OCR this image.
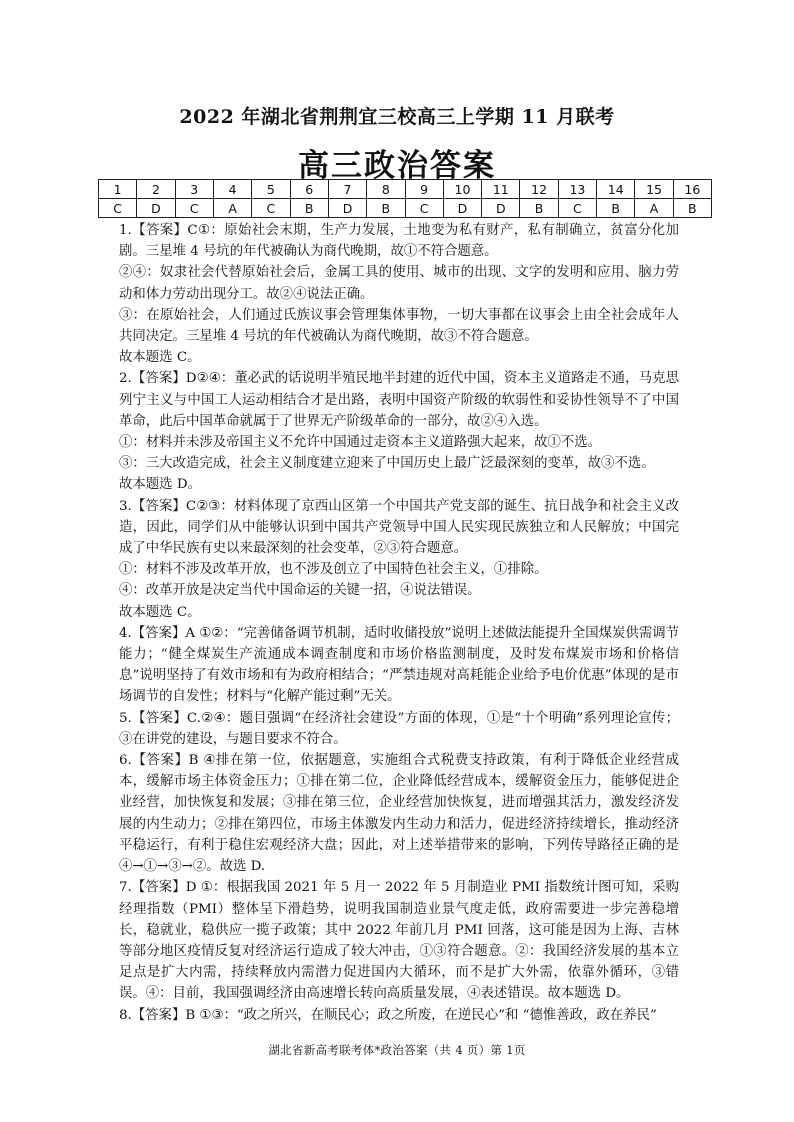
2022 年湖北省荆荆宜三校高三上学期 11 月联考
高三政治答案
1	2	3	4	5	6	7	8	9	10	11	12	13	14	15	16
C	D	C	A	C	B	D	B	C	D	D	B	C	B	A	B

1.【答案】C①：原始社会末期，生产力发展，土地变为私有财产，私有制确立，贫富分化加剧。三星堆 4 号坑的年代被确认为商代晚期，故①不符合题意。

②④：奴隶社会代替原始社会后，金属工具的使用、城市的出现、文字的发明和应用、脑力劳动和体力劳动出现分工。故②④说法正确。

③：在原始社会，人们通过氏族议事会管理集体事物，一切大事都在议事会上由全社会成年人共同决定。三星堆 4 号坑的年代被确认为商代晚期，故③不符合题意。

故本题选 C。

2.【答案】D②④：董必武的话说明半殖民地半封建的近代中国，资本主义道路走不通，马克思列宁主义与中国工人运动相结合才是出路，表明中国资产阶级的软弱性和妥协性领导不了中国革命，此后中国革命就属于了世界无产阶级革命的一部分，故②④入选。

①：材料并未涉及帝国主义不允许中国通过走资本主义道路强大起来，故①不选。

③：三大改造完成，社会主义制度建立迎来了中国历史上最广泛最深刻的变革，故③不选。

故本题选 D。

3.【答案】C②③：材料体现了京西山区第一个中国共产党支部的诞生、抗日战争和社会主义改造，因此，同学们从中能够认识到中国共产党领导中国人民实现民族独立和人民解放；中国完成了中华民族有史以来最深刻的社会变革，②③符合题意。

①：材料不涉及改革开放，也不涉及创立了中国特色社会主义，①排除。

④：改革开放是决定当代中国命运的关键一招，④说法错误。

故本题选 C。

4.【答案】A ①②：“完善储备调节机制，适时收储投放”说明上述做法能提升全国煤炭供需调节能力；“健全煤炭生产流通成本调查制度和市场价格监测制度，及时发布煤炭市场和价格信息”说明坚持了有效市场和有为政府相结合；“严禁违规对高耗能企业给予电价优惠”体现的是市场调节的自发性；材料与“化解产能过剩”无关。

5.【答案】C.②④：题目强调“在经济社会建设”方面的体现，①是“十个明确”系列理论宣传；③在讲党的建设，与题目要求不符合。

6.【答案】B ④排在第一位，依据题意，实施组合式税费支持政策，有利于降低企业经营成本，缓解市场主体资金压力；①排在第二位，企业降低经营成本，缓解资金压力，能够促进企业经营，加快恢复和发展；③排在第三位，企业经营加快恢复，进而增强其活力，激发经济发展的内生动力；②排在第四位，市场主体激发内生动力和活力，促进经济持续增长，推动经济平稳运行，有利于稳住宏观经济大盘；因此，对上述举措带来的影响，下列传导路径正确的是④→①→③→②。故选 D.

7.【答案】D ①：根据我国 2021 年 5 月一 2022 年 5 月制造业 PMI 指数统计图可知，采购经理指数（PMI）整体呈下滑趋势，说明我国制造业景气度走低，政府需要进一步完善稳增长，稳就业，稳供应一揽子政策；其中 2022 年前几月 PMI 回落，这可能是因为上海、吉林等部分地区疫情反复对经济运行造成了较大冲击，①③符合题意。②：我国经济发展的基本立足点是扩大内需，持续释放内需潜力促进国内大循环，而不是扩大外需，依靠外循环，③错误。④：目前，我国强调经济由高速增长转向高质量发展，④表述错误。故本题选 D。

8.【答案】B ①③：“政之所兴，在顺民心；政之所废，在逆民心”和 “德惟善政，政在养民”

湖北省新高考联考体*政治答案（共 4 页）第 1页
